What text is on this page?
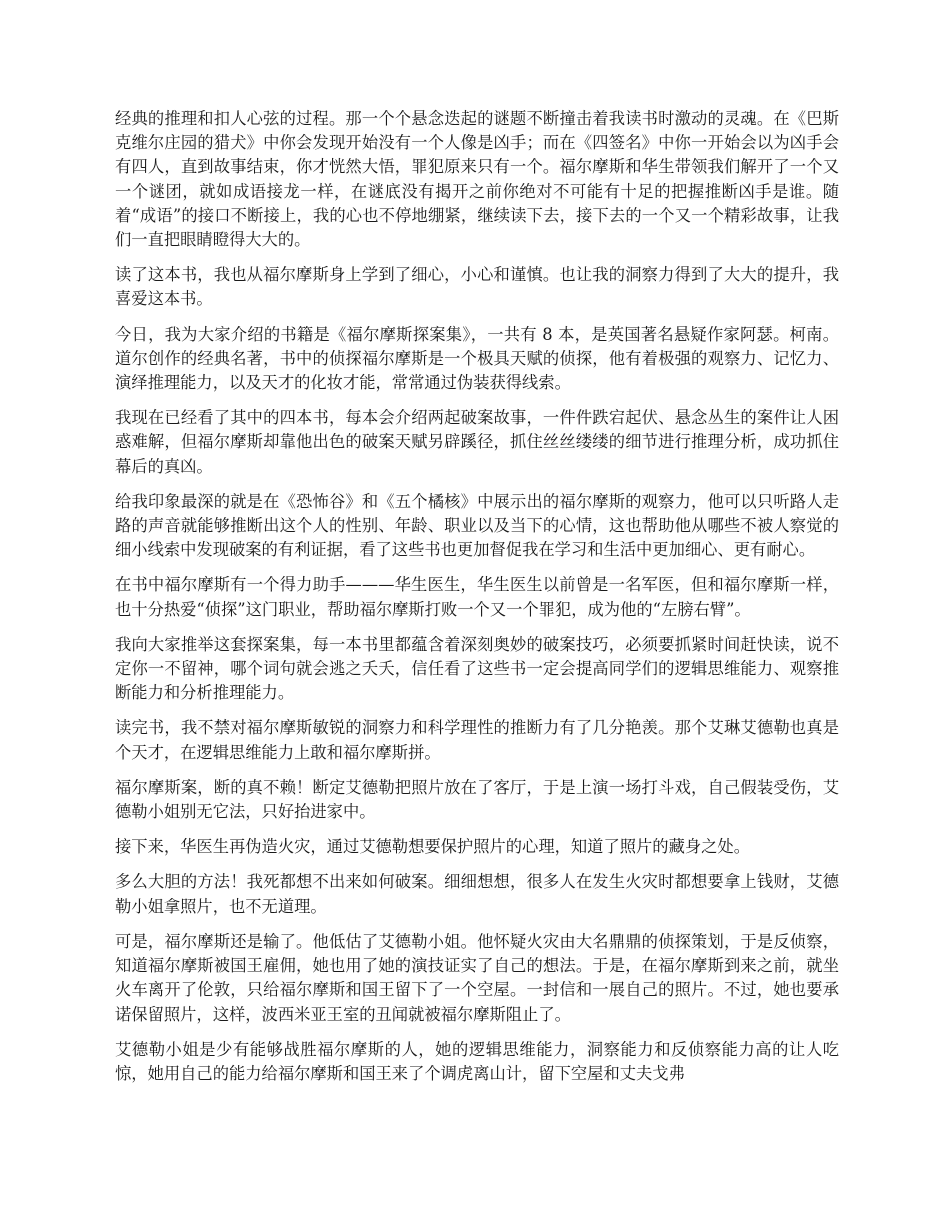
经典的推理和扣人心弦的过程。那一个个悬念迭起的谜题不断撞击着我读书时激动的灵魂。在《巴斯克维尔庄园的猎犬》中你会发现开始没有一个人像是凶手；而在《四签名》中你一开始会以为凶手会有四人，直到故事结束，你才恍然大悟，罪犯原来只有一个。福尔摩斯和华生带领我们解开了一个又一个谜团，就如成语接龙一样，在谜底没有揭开之前你绝对不可能有十足的把握推断凶手是谁。随着“成语”的接口不断接上，我的心也不停地绷紧，继续读下去，接下去的一个又一个精彩故事，让我们一直把眼睛瞪得大大的。

读了这本书，我也从福尔摩斯身上学到了细心，小心和谨慎。也让我的洞察力得到了大大的提升，我喜爱这本书。

今日，我为大家介绍的书籍是《福尔摩斯探案集》，一共有 8 本，是英国著名悬疑作家阿瑟。柯南。道尔创作的经典名著，书中的侦探福尔摩斯是一个极具天赋的侦探，他有着极强的观察力、记忆力、演绎推理能力，以及天才的化妆才能，常常通过伪装获得线索。

我现在已经看了其中的四本书，每本会介绍两起破案故事，一件件跌宕起伏、悬念丛生的案件让人困惑难解，但福尔摩斯却靠他出色的破案天赋另辟蹊径，抓住丝丝缕缕的细节进行推理分析，成功抓住幕后的真凶。

给我印象最深的就是在《恐怖谷》和《五个橘核》中展示出的福尔摩斯的观察力，他可以只听路人走路的声音就能够推断出这个人的性别、年龄、职业以及当下的心情，这也帮助他从哪些不被人察觉的细小线索中发现破案的有利证据，看了这些书也更加督促我在学习和生活中更加细心、更有耐心。

在书中福尔摩斯有一个得力助手———华生医生，华生医生以前曾是一名军医，但和福尔摩斯一样，也十分热爱“侦探”这门职业，帮助福尔摩斯打败一个又一个罪犯，成为他的“左膀右臂”。

我向大家推举这套探案集，每一本书里都蕴含着深刻奥妙的破案技巧，必须要抓紧时间赶快读，说不定你一不留神，哪个词句就会逃之夭夭，信任看了这些书一定会提高同学们的逻辑思维能力、观察推断能力和分析推理能力。

读完书，我不禁对福尔摩斯敏锐的洞察力和科学理性的推断力有了几分艳羡。那个艾琳艾德勒也真是个天才，在逻辑思维能力上敢和福尔摩斯拼。

福尔摩斯案，断的真不赖！断定艾德勒把照片放在了客厅，于是上演一场打斗戏，自己假装受伤，艾德勒小姐别无它法，只好抬进家中。

接下来，华医生再伪造火灾，通过艾德勒想要保护照片的心理，知道了照片的藏身之处。

多么大胆的方法！我死都想不出来如何破案。细细想想，很多人在发生火灾时都想要拿上钱财，艾德勒小姐拿照片，也不无道理。

可是，福尔摩斯还是输了。他低估了艾德勒小姐。他怀疑火灾由大名鼎鼎的侦探策划，于是反侦察，知道福尔摩斯被国王雇佣，她也用了她的演技证实了自己的想法。于是，在福尔摩斯到来之前，就坐火车离开了伦敦，只给福尔摩斯和国王留下了一个空屋。一封信和一展自己的照片。不过，她也要承诺保留照片，这样，波西米亚王室的丑闻就被福尔摩斯阻止了。

艾德勒小姐是少有能够战胜福尔摩斯的人，她的逻辑思维能力，洞察能力和反侦察能力高的让人吃惊，她用自己的能力给福尔摩斯和国王来了个调虎离山计，留下空屋和丈夫戈弗
